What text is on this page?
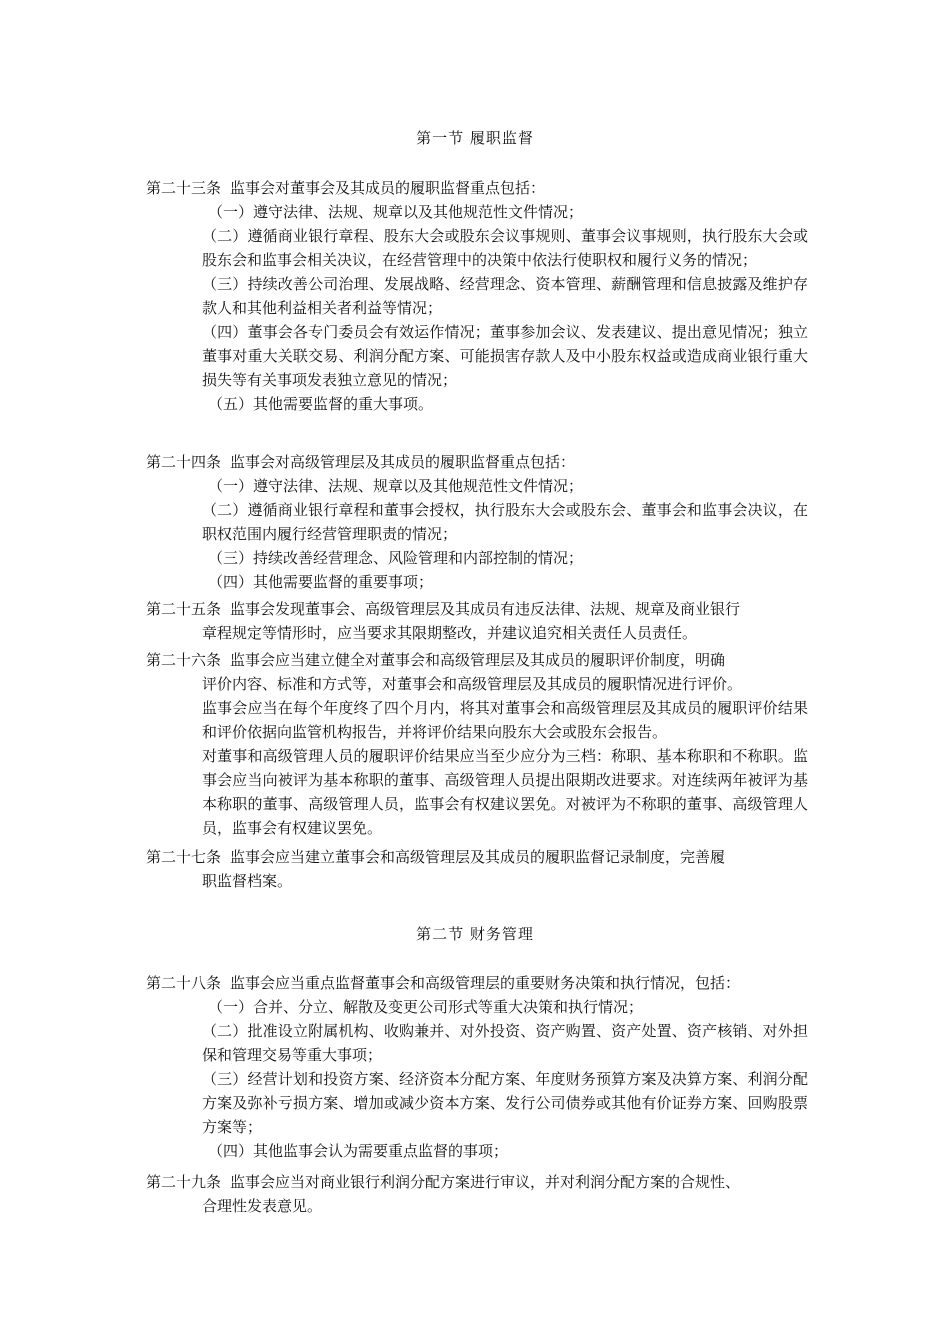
第一节 履职监督
第二十三条 监事会对董事会及其成员的履职监督重点包括：
（一）遵守法律、法规、规章以及其他规范性文件情况；
（二）遵循商业银行章程、股东大会或股东会议事规则、董事会议事规则，执行股东大会或股东会和监事会相关决议，在经营管理中的决策中依法行使职权和履行义务的情况；
（三）持续改善公司治理、发展战略、经营理念、资本管理、薪酬管理和信息披露及维护存款人和其他利益相关者利益等情况；
（四）董事会各专门委员会有效运作情况；董事参加会议、发表建议、提出意见情况；独立董事对重大关联交易、利润分配方案、可能损害存款人及中小股东权益或造成商业银行重大损失等有关事项发表独立意见的情况；
（五）其他需要监督的重大事项。
第二十四条 监事会对高级管理层及其成员的履职监督重点包括：
（一）遵守法律、法规、规章以及其他规范性文件情况；
（二）遵循商业银行章程和董事会授权，执行股东大会或股东会、董事会和监事会决议，在职权范围内履行经营管理职责的情况；
（三）持续改善经营理念、风险管理和内部控制的情况；
（四）其他需要监督的重要事项；
第二十五条 监事会发现董事会、高级管理层及其成员有违反法律、法规、规章及商业银行
章程规定等情形时，应当要求其限期整改，并建议追究相关责任人员责任。
第二十六条 监事会应当建立健全对董事会和高级管理层及其成员的履职评价制度，明确
评价内容、标准和方式等，对董事会和高级管理层及其成员的履职情况进行评价。
监事会应当在每个年度终了四个月内，将其对董事会和高级管理层及其成员的履职评价结果和评价依据向监管机构报告，并将评价结果向股东大会或股东会报告。
对董事和高级管理人员的履职评价结果应当至少应分为三档：称职、基本称职和不称职。监事会应当向被评为基本称职的董事、高级管理人员提出限期改进要求。对连续两年被评为基本称职的董事、高级管理人员，监事会有权建议罢免。对被评为不称职的董事、高级管理人员，监事会有权建议罢免。
第二十七条 监事会应当建立董事会和高级管理层及其成员的履职监督记录制度，完善履
职监督档案。
第二节 财务管理
第二十八条 监事会应当重点监督董事会和高级管理层的重要财务决策和执行情况，包括：
（一）合并、分立、解散及变更公司形式等重大决策和执行情况；
（二）批准设立附属机构、收购兼并、对外投资、资产购置、资产处置、资产核销、对外担保和管理交易等重大事项；
（三）经营计划和投资方案、经济资本分配方案、年度财务预算方案及决算方案、利润分配方案及弥补亏损方案、增加或减少资本方案、发行公司债券或其他有价证券方案、回购股票方案等；
（四）其他监事会认为需要重点监督的事项；
第二十九条 监事会应当对商业银行利润分配方案进行审议，并对利润分配方案的合规性、
合理性发表意见。
